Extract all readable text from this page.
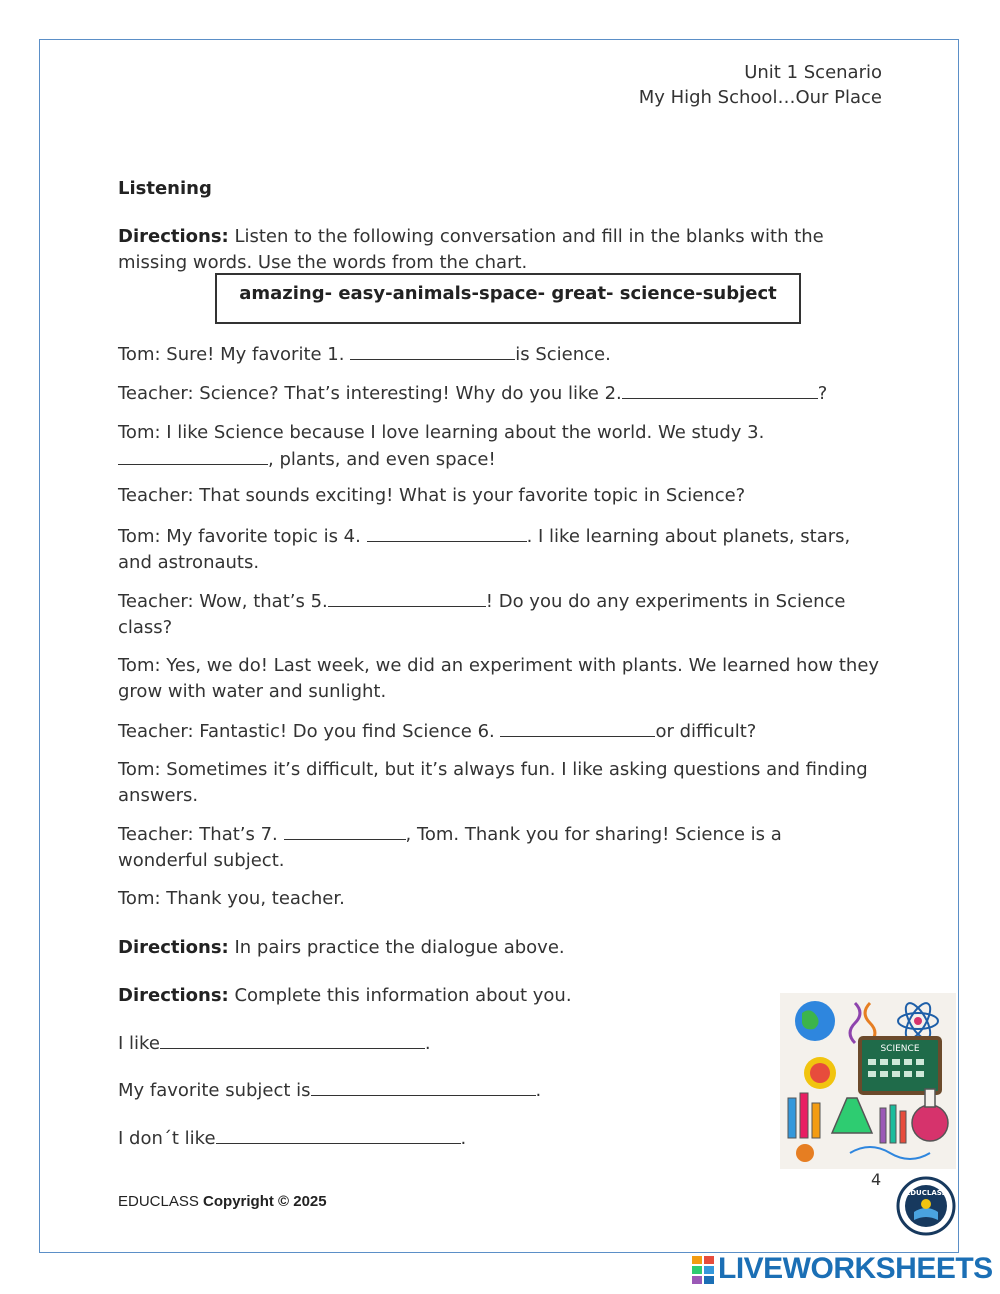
Unit 1 Scenario
My High School…Our Place
Listening
Directions: Listen to the following conversation and fill in the blanks with the missing words. Use the words from the chart.
amazing- easy-animals-space- great- science-subject
Tom: Sure! My favorite 1.	is Science.
Teacher: Science? That’s interesting! Why do you like 2.	?
Tom: I like Science because I love learning about the world. We study 3., plants, and even space!
Teacher: That sounds exciting! What is your favorite topic in Science?
Tom: My favorite topic is 4.	. I like learning about planets, stars, and astronauts.
Teacher: Wow, that’s 5.	! Do you do any experiments in Science class?
Tom: Yes, we do! Last week, we did an experiment with plants. We learned how they grow with water and sunlight.
Teacher: Fantastic! Do you find Science 6.	or difficult?
Tom: Sometimes it’s difficult, but it’s always fun. I like asking questions and finding answers.
Teacher: That’s 7.	, Tom. Thank you for sharing! Science is a wonderful subject.
Tom: Thank you, teacher.
Directions: In pairs practice the dialogue above.
Directions: Complete this information about you.
I like	.
My favorite subject is	.
I don´t like	.
SCIENCE
4
EDUCLASS Copyright © 2025	EDUCLASS
LIVEWORKSHEETS
